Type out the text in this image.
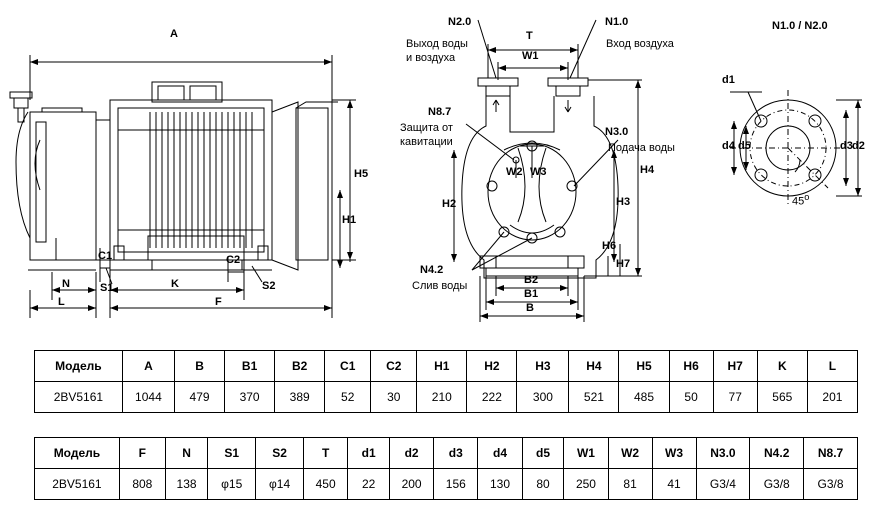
A
H5
H1
C1	C2
S1	S2
N	K
L	F
N2.0	N1.0
Выход воды
и воздуха
Вход воздуха
N8.7
Защита от
кавитации
N3.0
Подача воды
N4.2
Слив воды
T
W1
H2	H3
H4
H6
H7
W2 W3
B2
B1
B
N1.0 / N2.0
d1
d2
d3
d4 d5
45$^o$
Модель	A	B	B1	B2	C1	C2	H1	H2	H3	H4	H5	H6	H7	K	L
2BV5161	1044	479	370	389	52	30	210	222	300	521	485	50	77	565	201
Модель	F	N	S1	S2	T	d1	d2	d3	d4	d5	W1	W2	W3	N3.0	N4.2	N8.7
2BV5161	808	138	φ15	φ14	450	22	200	156	130	80	250	81	41	G3/4	G3/8	G3/8
